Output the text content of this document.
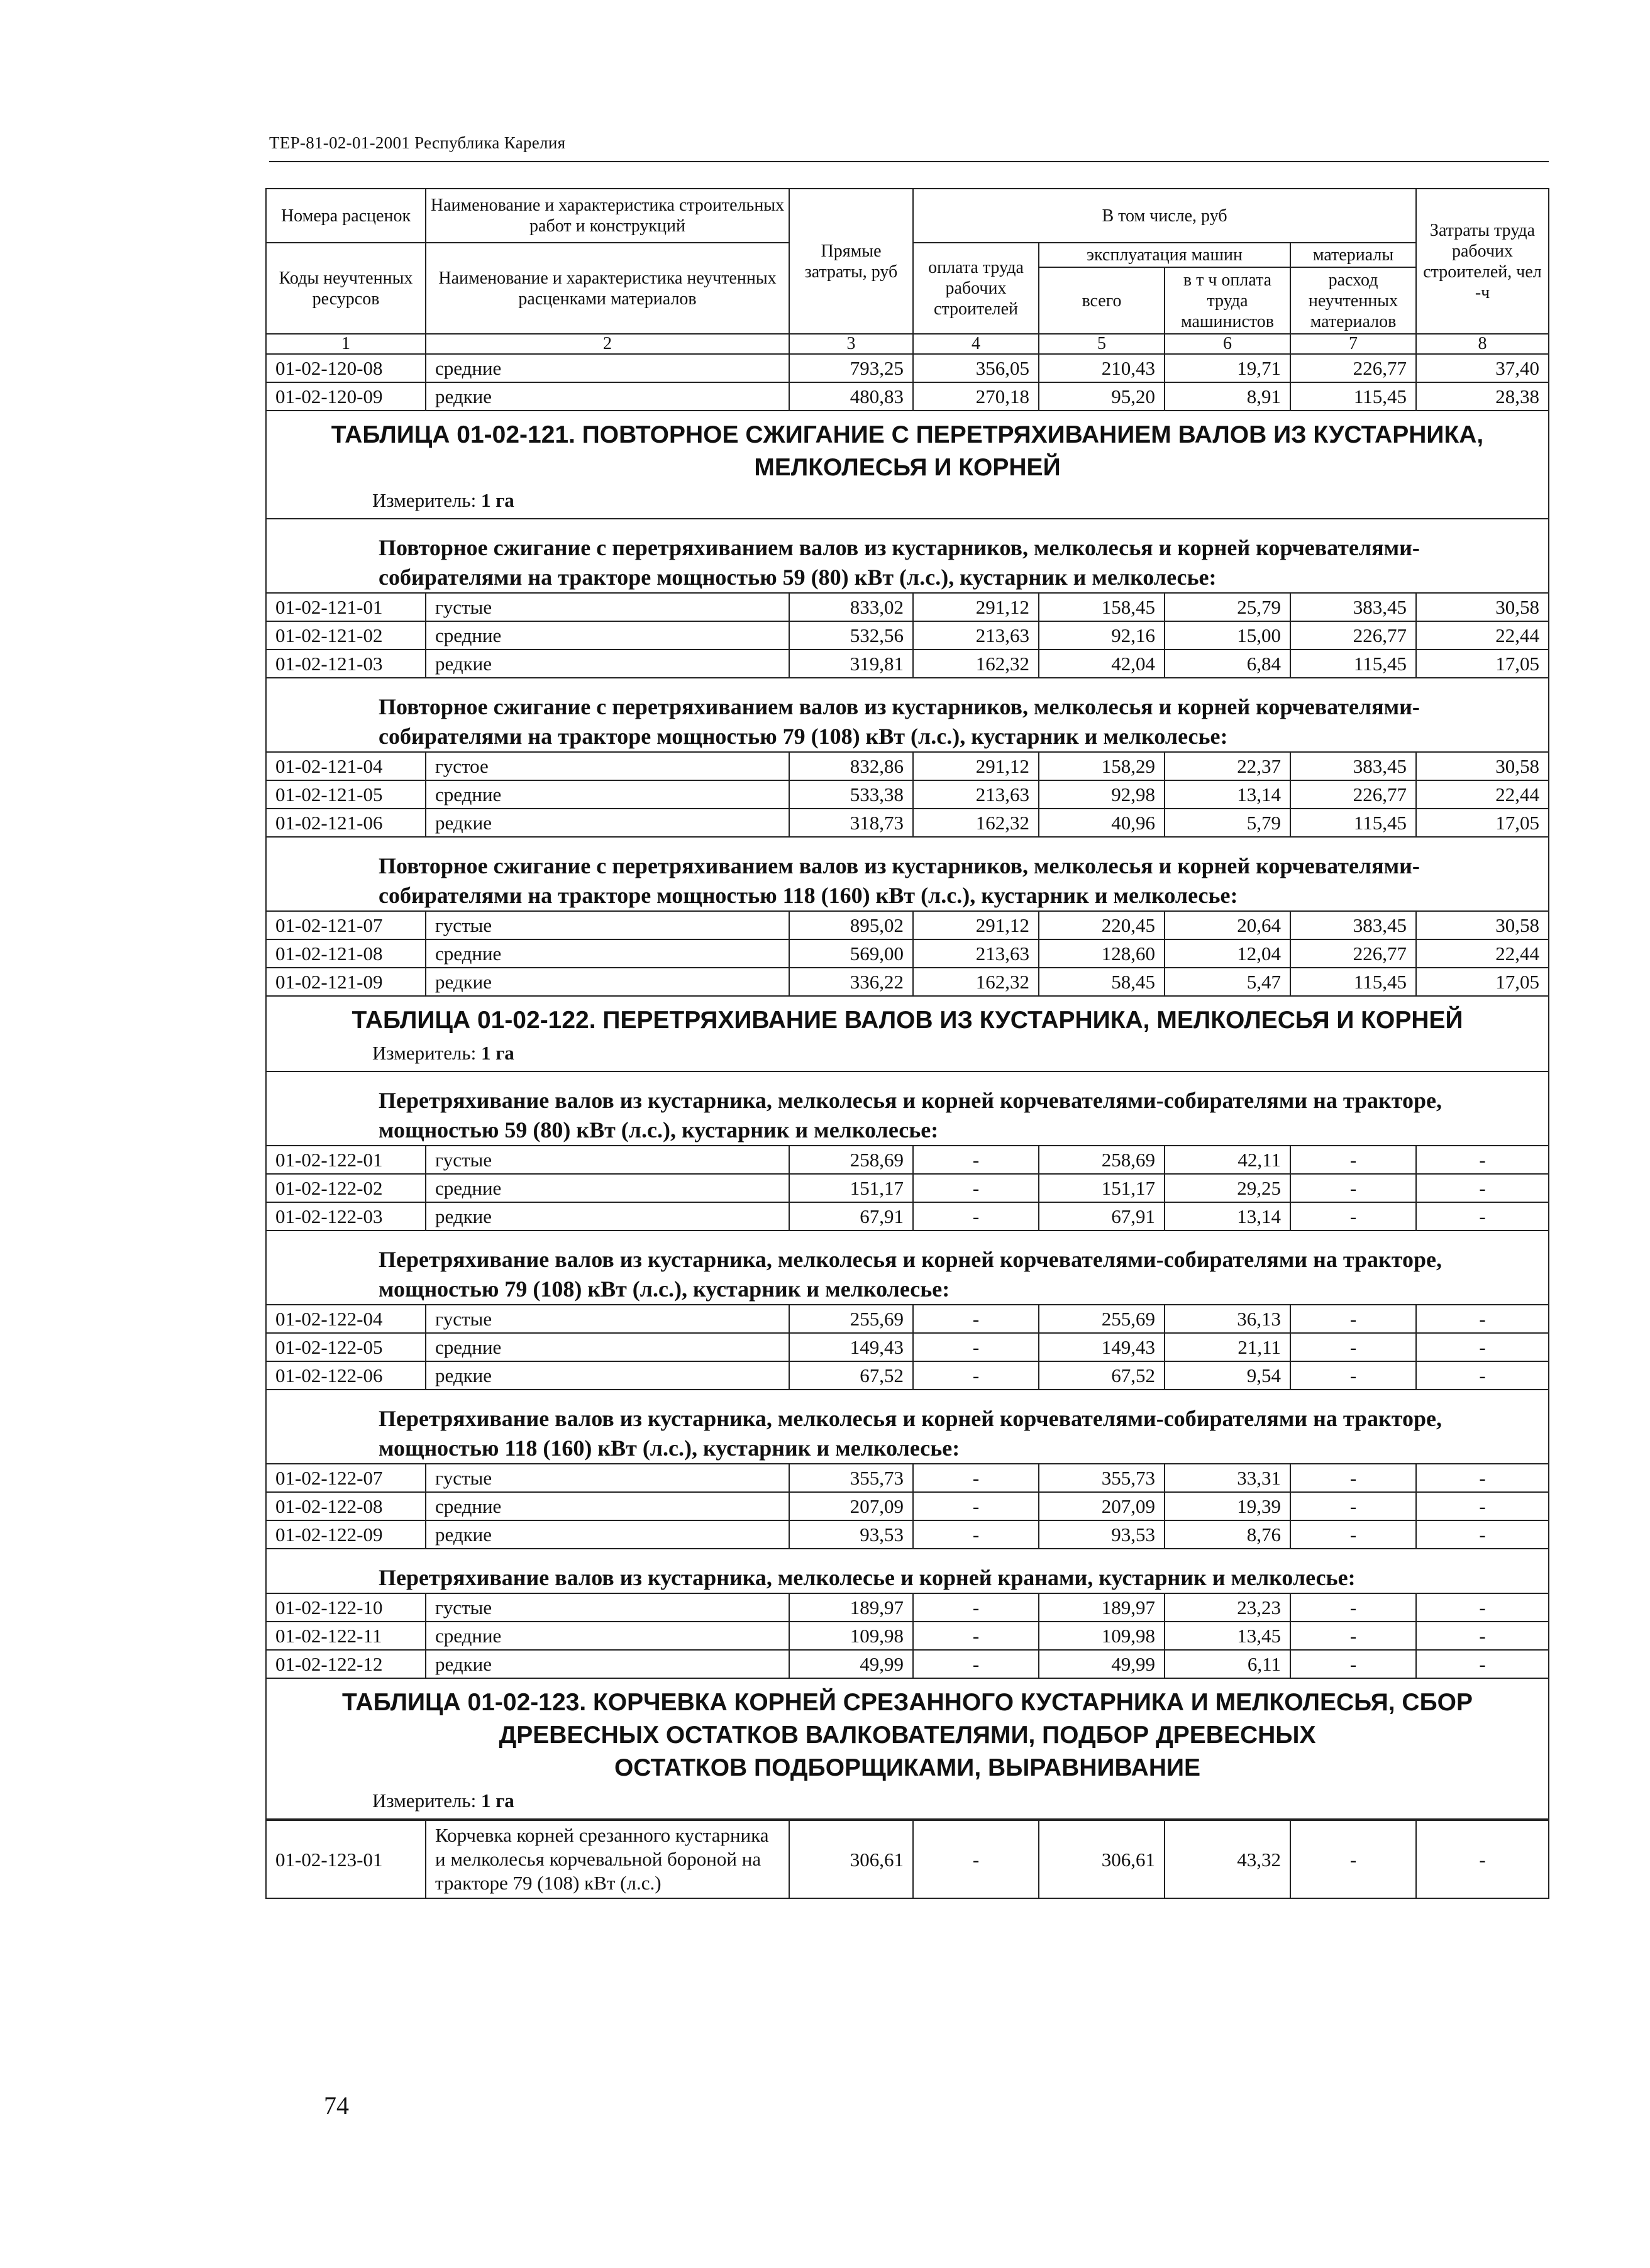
ТЕР-81-02-01-2001 Республика Карелия
Номера расценок	Наименование и характеристика строительных работ и конструкций	Прямые затраты, руб	В том числе, руб				Затраты труда рабочих строителей, чел -ч
Коды неучтенных ресурсов	Наименование и характеристика неучтенных расценками материалов		оплата труда рабочих строителей	эксплуатация машин		материалы	
				всего	в т ч оплата труда машинистов	расход неучтенных материалов	
1	2	3	4	5	6	7	8
01-02-120-08	средние	793,25	356,05	210,43	19,71	226,77	37,40
01-02-120-09	редкие	480,83	270,18	95,20	8,91	115,45	28,38

ТАБЛИЦА 01-02-121. ПОВТОРНОЕ СЖИГАНИЕ С ПЕРЕТРЯХИВАНИЕМ ВАЛОВ ИЗ КУСТАРНИКА,
МЕЛКОЛЕСЬЯ И КОРНЕЙ
Измеритель: 1 га							

Повторное сжигание с перетряхиванием валов из кустарников, мелколесья и корней корчевателями-собирателями на тракторе мощностью 59 (80) кВт (л.с.), кустарник и мелколесье:							

01-02-121-01	густые	833,02	291,12	158,45	25,79	383,45	30,58
01-02-121-02	средние	532,56	213,63	92,16	15,00	226,77	22,44
01-02-121-03	редкие	319,81	162,32	42,04	6,84	115,45	17,05

Повторное сжигание с перетряхиванием валов из кустарников, мелколесья и корней корчевателями-собирателями на тракторе мощностью 79 (108) кВт (л.с.), кустарник и мелколесье:							

01-02-121-04	густое	832,86	291,12	158,29	22,37	383,45	30,58
01-02-121-05	средние	533,38	213,63	92,98	13,14	226,77	22,44
01-02-121-06	редкие	318,73	162,32	40,96	5,79	115,45	17,05

Повторное сжигание с перетряхиванием валов из кустарников, мелколесья и корней корчевателями-собирателями на тракторе мощностью 118 (160) кВт (л.с.), кустарник и мелколесье:							

01-02-121-07	густые	895,02	291,12	220,45	20,64	383,45	30,58
01-02-121-08	средние	569,00	213,63	128,60	12,04	226,77	22,44
01-02-121-09	редкие	336,22	162,32	58,45	5,47	115,45	17,05

ТАБЛИЦА 01-02-122. ПЕРЕТРЯХИВАНИЕ ВАЛОВ ИЗ КУСТАРНИКА, МЕЛКОЛЕСЬЯ И КОРНЕЙ
Измеритель: 1 га							

Перетряхивание валов из кустарника, мелколесья и корней корчевателями-собирателями на тракторе, мощностью 59 (80) кВт (л.с.), кустарник и мелколесье:							

01-02-122-01	густые	258,69	-	258,69	42,11	-	-
01-02-122-02	средние	151,17	-	151,17	29,25	-	-
01-02-122-03	редкие	67,91	-	67,91	13,14	-	-

Перетряхивание валов из кустарника, мелколесья и корней корчевателями-собирателями на тракторе, мощностью 79 (108) кВт (л.с.), кустарник и мелколесье:							

01-02-122-04	густые	255,69	-	255,69	36,13	-	-
01-02-122-05	средние	149,43	-	149,43	21,11	-	-
01-02-122-06	редкие	67,52	-	67,52	9,54	-	-

Перетряхивание валов из кустарника, мелколесья и корней корчевателями-собирателями на тракторе, мощностью 118 (160) кВт (л.с.), кустарник и мелколесье:							

01-02-122-07	густые	355,73	-	355,73	33,31	-	-
01-02-122-08	средние	207,09	-	207,09	19,39	-	-
01-02-122-09	редкие	93,53	-	93,53	8,76	-	-

Перетряхивание валов из кустарника, мелколесье и корней кранами, кустарник и мелколесье:							

01-02-122-10	густые	189,97	-	189,97	23,23	-	-
01-02-122-11	средние	109,98	-	109,98	13,45	-	-
01-02-122-12	редкие	49,99	-	49,99	6,11	-	-

ТАБЛИЦА 01-02-123. КОРЧЕВКА КОРНЕЙ СРЕЗАННОГО КУСТАРНИКА И МЕЛКОЛЕСЬЯ, СБОР
ДРЕВЕСНЫХ ОСТАТКОВ ВАЛКОВАТЕЛЯМИ, ПОДБОР ДРЕВЕСНЫХ
ОСТАТКОВ ПОДБОРЩИКАМИ, ВЫРАВНИВАНИЕ
Измеритель: 1 га							

01-02-123-01	Корчевка корней срезанного кустарника и мелколесья корчевальной бороной на тракторе 79 (108) кВт (л.с.)	306,61	-	306,61	43,32	-	-
74
